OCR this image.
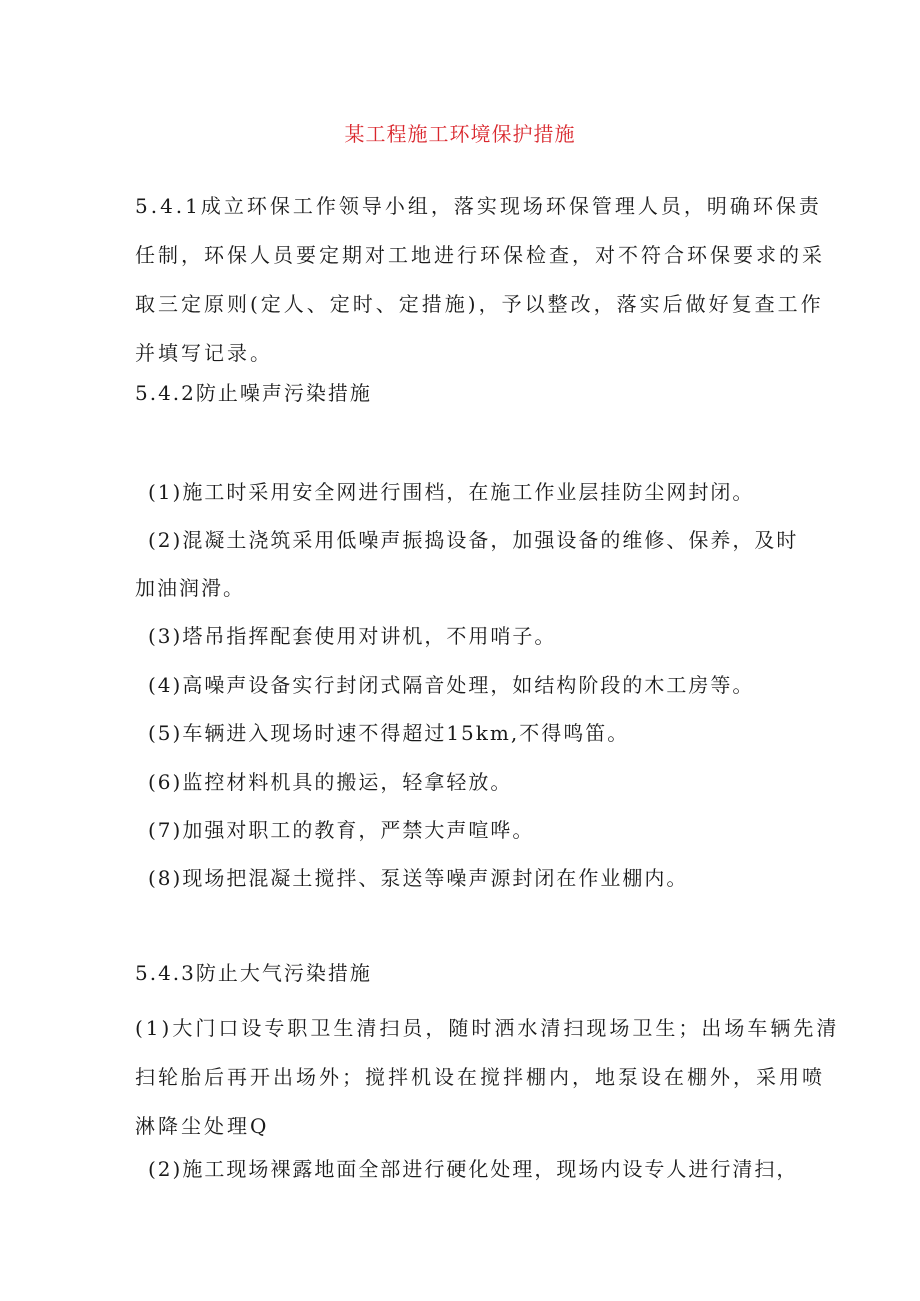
某工程施工环境保护措施
5.4.1成立环保工作领导小组，落实现场环保管理人员，明确环保责
任制，环保人员要定期对工地进行环保检查，对不符合环保要求的采
取三定原则(定人、定时、定措施)，予以整改，落实后做好复查工作
并填写记录。
5.4.2防止噪声污染措施
(1)施工时采用安全网进行围档，在施工作业层挂防尘网封闭。
(2)混凝土浇筑采用低噪声振捣设备，加强设备的维修、保养，及时
加油润滑。
(3)塔吊指挥配套使用对讲机，不用哨子。
(4)高噪声设备实行封闭式隔音处理，如结构阶段的木工房等。
(5)车辆进入现场时速不得超过15km,不得鸣笛。
(6)监控材料机具的搬运，轻拿轻放。
(7)加强对职工的教育，严禁大声喧哗。
(8)现场把混凝土搅拌、泵送等噪声源封闭在作业棚内。
5.4.3防止大气污染措施
(1)大门口设专职卫生清扫员，随时洒水清扫现场卫生；出场车辆先清
扫轮胎后再开出场外；搅拌机设在搅拌棚内，地泵设在棚外，采用喷
淋降尘处理Q
(2)施工现场裸露地面全部进行硬化处理，现场内设专人进行清扫，
